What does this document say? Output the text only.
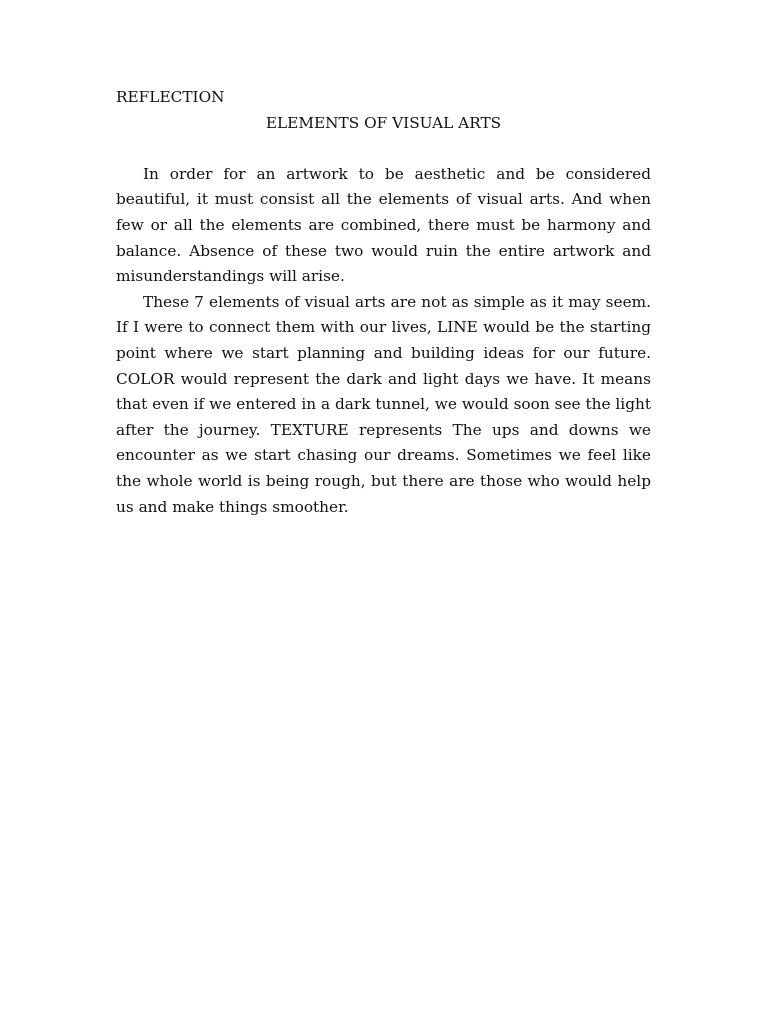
REFLECTION

ELEMENTS OF VISUAL ARTS

In order for an artwork to be aesthetic and be considered beautiful, it must consist all the elements of visual arts. And when few or all the elements are combined, there must be harmony and balance. Absence of these two would ruin the entire artwork and misunderstandings will arise.

These 7 elements of visual arts are not as simple as it may seem. If I were to connect them with our lives, LINE would be the starting point where we start planning and building ideas for our future. COLOR would represent the dark and light days we have. It means that even if we entered in a dark tunnel, we would soon see the light after the journey. TEXTURE represents The ups and downs we encounter as we start chasing our dreams. Sometimes we feel like the whole world is being rough, but there are those who would help us and make things smoother.
